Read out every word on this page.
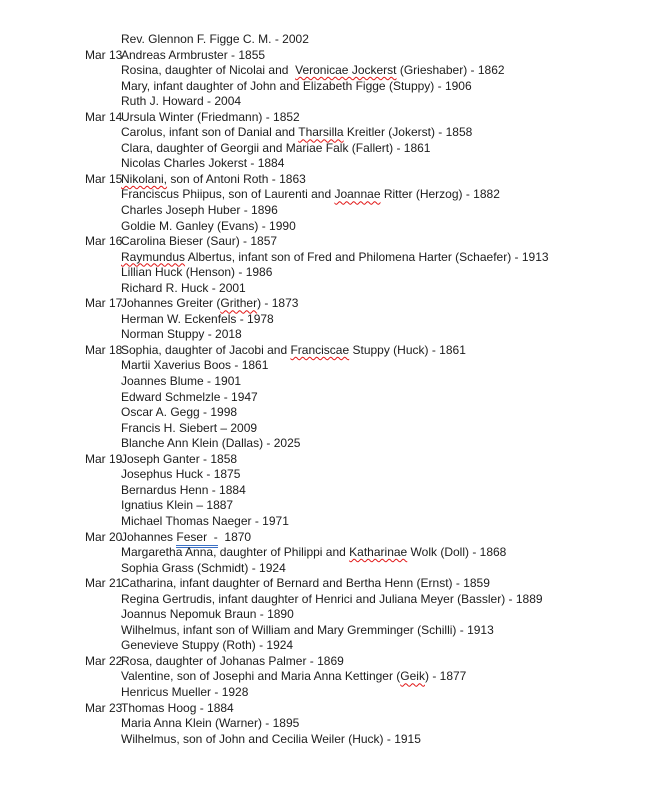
Rev. Glennon F. Figge C. M. - 2002
Mar 13
Andreas Armbruster - 1855
Rosina, daughter of Nicolai and  Veronicae Jockerst (Grieshaber) - 1862
Mary, infant daughter of John and Elizabeth Figge (Stuppy) - 1906
Ruth J. Howard - 2004
Mar 14
Ursula Winter (Friedmann) - 1852
Carolus, infant son of Danial and Tharsilla Kreitler (Jokerst) - 1858
Clara, daughter of Georgii and Mariae Falk (Fallert) - 1861
Nicolas Charles Jokerst - 1884
Mar 15
Nikolani, son of Antoni Roth - 1863
Franciscus Phiipus, son of Laurenti and Joannae Ritter (Herzog) - 1882
Charles Joseph Huber - 1896
Goldie M. Ganley (Evans) - 1990
Mar 16
Carolina Bieser (Saur) - 1857
Raymundus Albertus, infant son of Fred and Philomena Harter (Schaefer) - 1913
Lillian Huck (Henson) - 1986
Richard R. Huck - 2001
Mar 17
Johannes Greiter (Grither) - 1873
Herman W. Eckenfels - 1978
Norman Stuppy - 2018
Mar 18
Sophia, daughter of Jacobi and Franciscae Stuppy (Huck) - 1861
Martii Xaverius Boos - 1861
Joannes Blume - 1901
Edward Schmelzle - 1947
Oscar A. Gegg - 1998
Francis H. Siebert – 2009
Blanche Ann Klein (Dallas) - 2025
Mar 19
Joseph Ganter - 1858
Josephus Huck - 1875
Bernardus Henn - 1884
Ignatius Klein – 1887
Michael Thomas Naeger - 1971
Mar 20
Johannes Feser  -  1870
Margaretha Anna, daughter of Philippi and Katharinae Wolk (Doll) - 1868
Sophia Grass (Schmidt) - 1924
Mar 21
Catharina, infant daughter of Bernard and Bertha Henn (Ernst) - 1859
Regina Gertrudis, infant daughter of Henrici and Juliana Meyer (Bassler) - 1889
Joannus Nepomuk Braun - 1890
Wilhelmus, infant son of William and Mary Gremminger (Schilli) - 1913
Genevieve Stuppy (Roth) - 1924
Mar 22
Rosa, daughter of Johanas Palmer - 1869
Valentine, son of Josephi and Maria Anna Kettinger (Geik) - 1877
Henricus Mueller - 1928
Mar 23
Thomas Hoog - 1884
Maria Anna Klein (Warner) - 1895
Wilhelmus, son of John and Cecilia Weiler (Huck) - 1915
